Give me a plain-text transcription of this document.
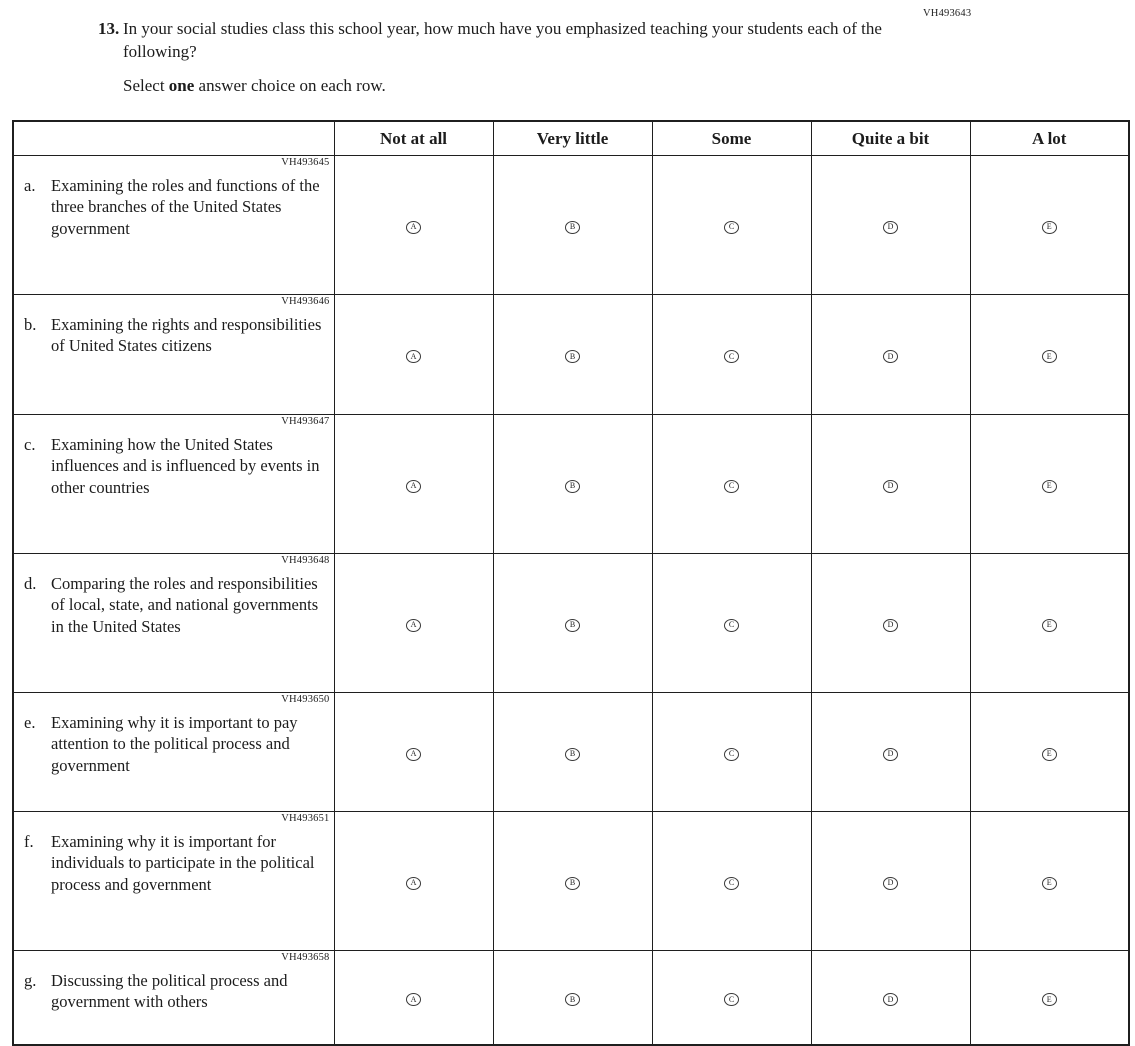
VH493643
13. In your social studies class this school year, how much have you emphasized teaching your students each of the following?
Select one answer choice on each row.
	Not at all	Very little	Some	Quite a bit	A lot

VH493645
a. Examining the roles and functions of the three branches of the United States government	A	B	C	D	E

VH493646
b. Examining the rights and responsibilities of United States citizens	A	B	C	D	E

VH493647
c. Examining how the United States influences and is influenced by events in other countries	A	B	C	D	E

VH493648
d. Comparing the roles and responsibilities of local, state, and national governments in the United States	A	B	C	D	E

VH493650
e. Examining why it is important to pay attention to the political process and government	A	B	C	D	E

VH493651
f. Examining why it is important for individuals to participate in the political process and government	A	B	C	D	E

VH493658
g. Discussing the political process and government with others	A	B	C	D	E
